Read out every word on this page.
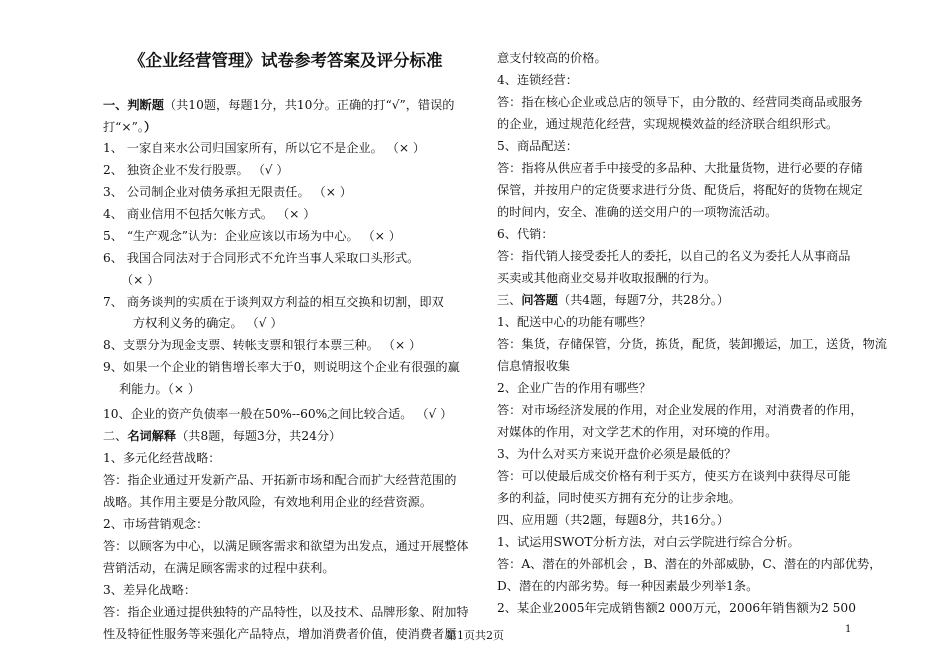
《企业经营管理》试卷参考答案及评分标准
一、判断题（共10题，每题1分，共10分。正确的打“√”，错误的
打“×”。）
1、 一家自来水公司归国家所有，所以它不是企业。 （× ）
2、 独资企业不发行股票。 （√ ）
3、 公司制企业对债务承担无限责任。 （× ）
4、 商业信用不包括欠帐方式。 （× ）
5、 “生产观念”认为：企业应该以市场为中心。 （× ）
6、 我国合同法对于合同形式不允许当事人采取口头形式。
（× ）
7、 商务谈判的实质在于谈判双方利益的相互交换和切割，即双
方权利义务的确定。 （√ ）
8、支票分为现金支票、转帐支票和银行本票三种。 （× ）
9、如果一个企业的销售增长率大于0，则说明这个企业有很强的赢
利能力。（× ）
10、企业的资产负债率一般在50%--60%之间比较合适。 （√ ）
二、名词解释（共8题，每题3分，共24分）
1、多元化经营战略：
答：指企业通过开发新产品、开拓新市场和配合而扩大经营范围的
战略。其作用主要是分散风险，有效地利用企业的经营资源。
2、市场营销观念：
答：以顾客为中心，以满足顾客需求和欲望为出发点，通过开展整体
营销活动，在满足顾客需求的过程中获利。
3、差异化战略：
答：指企业通过提供独特的产品特性，以及技术、品牌形象、附加特
性及特征性服务等来强化产品特点，增加消费者价值，使消费者愿
意支付较高的价格。
4、连锁经营：
答：指在核心企业或总店的领导下，由分散的、经营同类商品或服务
的企业，通过规范化经营，实现规模效益的经济联合组织形式。
5、商品配送：
答：指将从供应者手中接受的多品种、大批量货物，进行必要的存储
保管，并按用户的定货要求进行分货、配货后，将配好的货物在规定
的时间内，安全、准确的送交用户的一项物流活动。
6、代销：
答：指代销人接受委托人的委托，以自己的名义为委托人从事商品
买卖或其他商业交易并收取报酬的行为。
三、问答题（共4题，每题7分，共28分。）
1、配送中心的功能有哪些？
答：集货，存储保管，分货，拣货，配货，装卸搬运，加工，送货，物流
信息情报收集
2、企业广告的作用有哪些？
答：对市场经济发展的作用，对企业发展的作用，对消费者的作用，
对媒体的作用，对文学艺术的作用，对环境的作用。
3、为什么对买方来说开盘价必须是最低的？
答：可以使最后成交价格有利于买方，使买方在谈判中获得尽可能
多的利益，同时使买方拥有充分的让步余地。
四、应用题（共2题，每题8分，共16分。）
1、试运用SWOT分析方法，对白云学院进行综合分析。
答：A、潜在的外部机会 ，B、潜在的外部威胁，C、潜在的内部优势，
D、潜在的内部劣势。每一种因素最少列举1条。
2、某企业2005年完成销售额2 000万元，2006年销售额为2 500
第1页共2页	1
